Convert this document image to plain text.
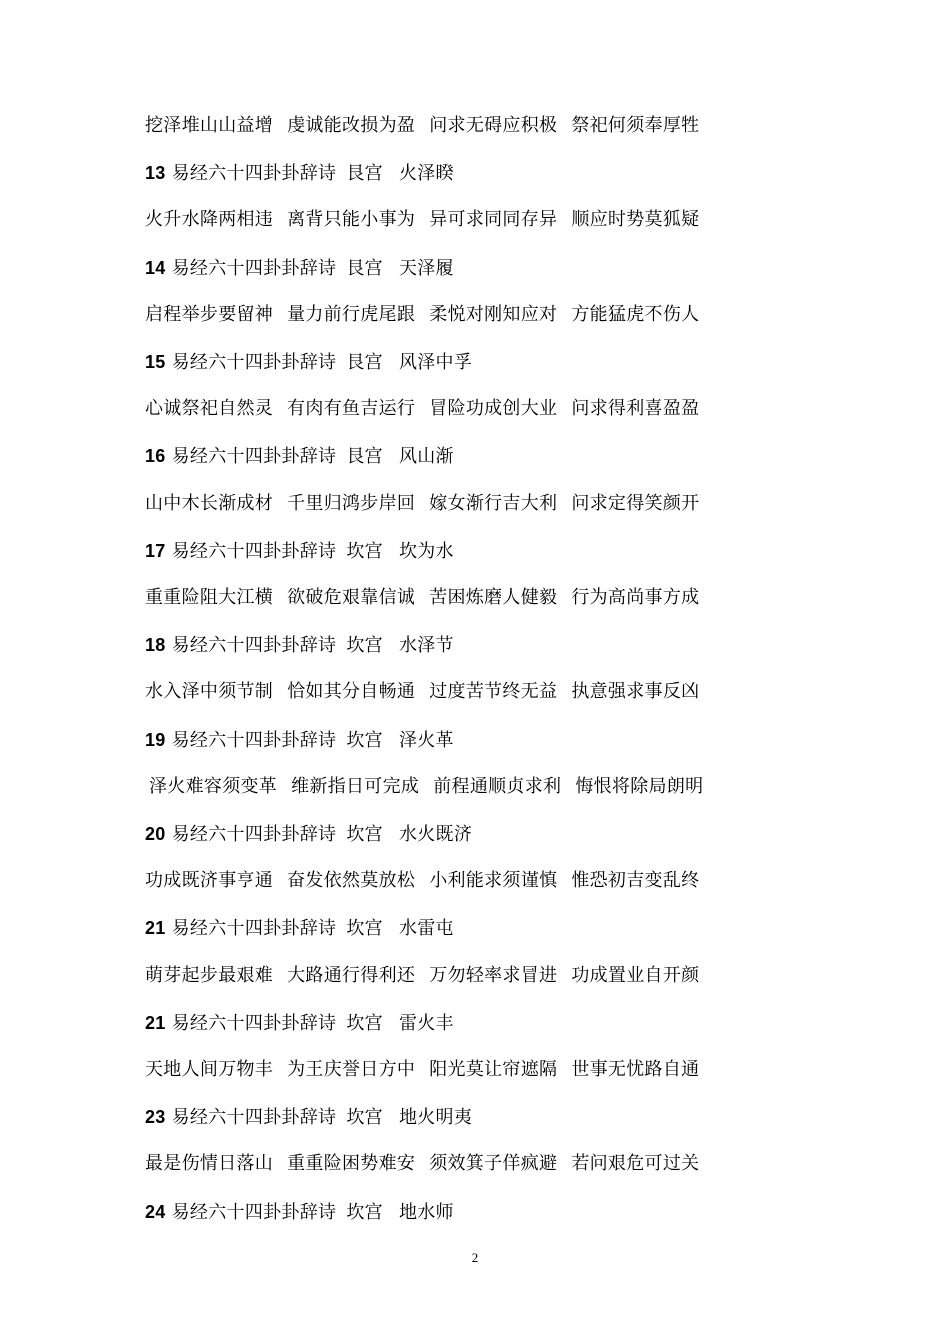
挖泽堆山山益增 虔诚能改损为盈 问求无碍应积极 祭祀何须奉厚牲
13 易经六十四卦卦辞诗 艮宫 火泽睽
火升水降两相违 离背只能小事为 异可求同同存异 顺应时势莫狐疑
14 易经六十四卦卦辞诗 艮宫 天泽履
启程举步要留神 量力前行虎尾跟 柔悦对刚知应对 方能猛虎不伤人
15 易经六十四卦卦辞诗 艮宫 风泽中孚
心诚祭祀自然灵 有肉有鱼吉运行 冒险功成创大业 问求得利喜盈盈
16 易经六十四卦卦辞诗 艮宫 风山渐
山中木长渐成材 千里归鸿步岸回 嫁女渐行吉大利 问求定得笑颜开
17 易经六十四卦卦辞诗 坎宫 坎为水
重重险阻大江横 欲破危艰靠信诚 苦困炼磨人健毅 行为高尚事方成
18 易经六十四卦卦辞诗 坎宫 水泽节
水入泽中须节制 恰如其分自畅通 过度苦节终无益 执意强求事反凶
19 易经六十四卦卦辞诗 坎宫 泽火革
泽火难容须变革 维新指日可完成 前程通顺贞求利 悔恨将除局朗明
20 易经六十四卦卦辞诗 坎宫 水火既济
功成既济事亨通 奋发依然莫放松 小利能求须谨慎 惟恐初吉变乱终
21 易经六十四卦卦辞诗 坎宫 水雷屯
萌芽起步最艰难 大路通行得利还 万勿轻率求冒进 功成置业自开颜
21 易经六十四卦卦辞诗 坎宫 雷火丰
天地人间万物丰 为王庆誉日方中 阳光莫让帘遮隔 世事无忧路自通
23 易经六十四卦卦辞诗 坎宫 地火明夷
最是伤情日落山 重重险困势难安 须效箕子佯疯避 若问艰危可过关
24 易经六十四卦卦辞诗 坎宫 地水师
2
